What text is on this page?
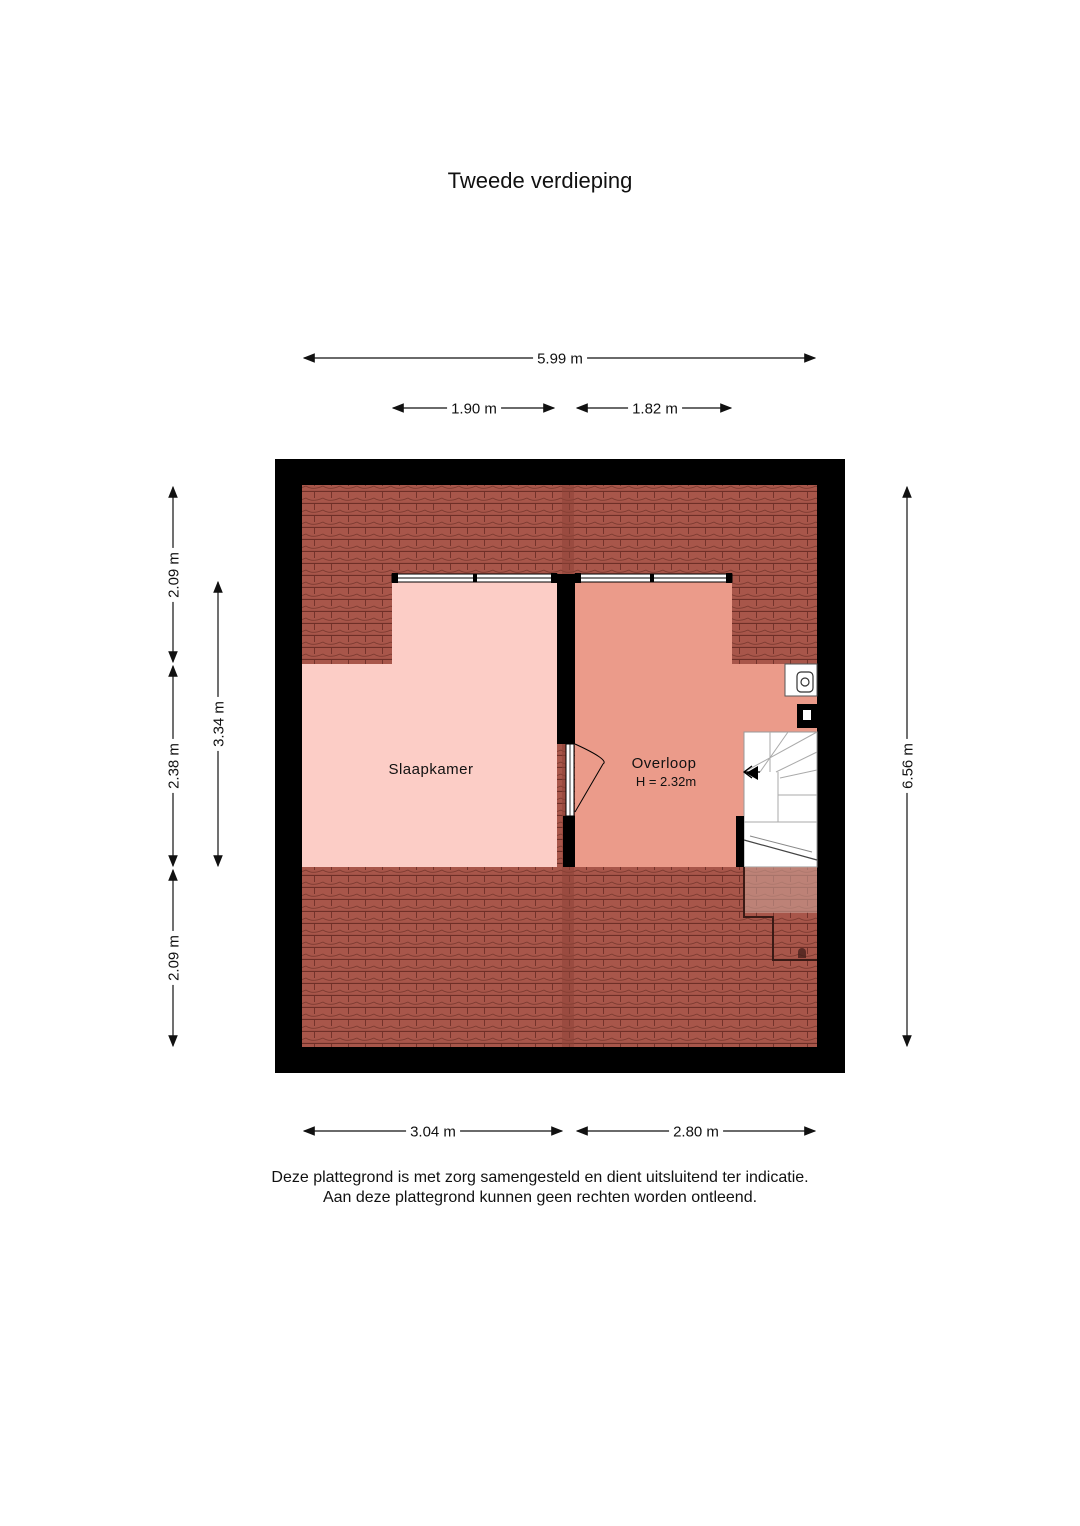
Tweede verdieping
Slaapkamer	Overloop
H = 2.32m
5.99 m
1.90 m	1.82 m
3.04 m	2.80 m
2.09 m
2.38 m
2.09 m
3.34 m
6.56 m
Deze plattegrond is met zorg samengesteld en dient uitsluitend ter indicatie.
Aan deze plattegrond kunnen geen rechten worden ontleend.
